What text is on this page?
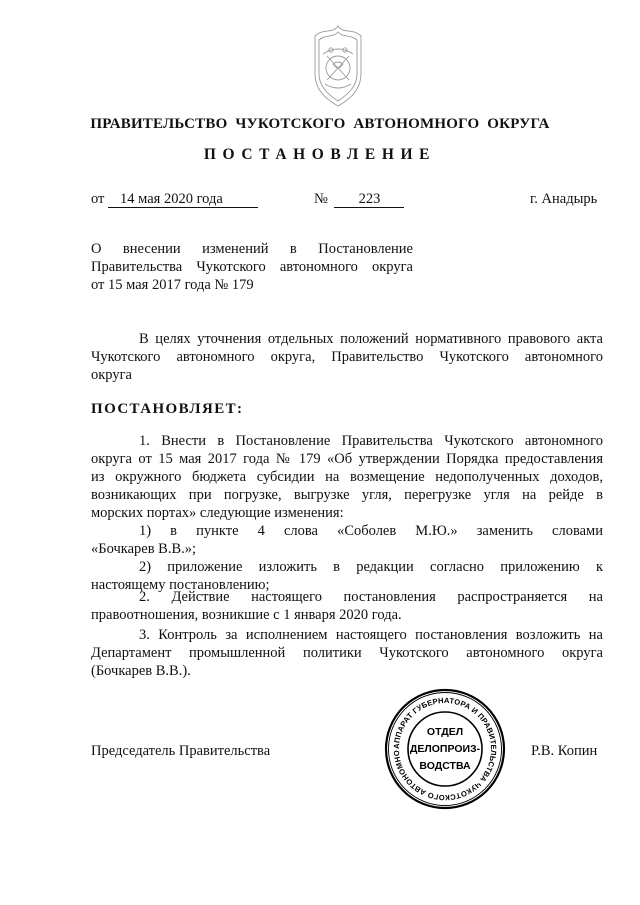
ПРАВИТЕЛЬСТВО ЧУКОТСКОГО АВТОНОМНОГО ОКРУГА
ПОСТАНОВЛЕНИЕ
от 14 мая 2020 года	№ 223	г. Анадырь
О внесении изменений в Постановление
Правительства Чукотского автономного округа
от 15 мая 2017 года № 179
В целях уточнения отдельных положений нормативного правового акта
Чукотского автономного округа, Правительство Чукотского автономного
округа
ПОСТАНОВЛЯЕТ:
1. Внести в Постановление Правительства Чукотского автономного
округа от 15 мая 2017 года № 179 «Об утверждении Порядка предоставления
из окружного бюджета субсидии на возмещение недополученных доходов,
возникающих при погрузке, выгрузке угля, перегрузке угля на рейде в
морских портах» следующие изменения:
1) в пункте 4 слова «Соболев М.Ю.» заменить словами
«Бочкарев В.В.»;
2) приложение изложить в редакции согласно приложению к
настоящему постановлению;
2. Действие настоящего постановления распространяется на
правоотношения, возникшие с 1 января 2020 года.
3. Контроль за исполнением настоящего постановления возложить на
Департамент промышленной политики Чукотского автономного округа
(Бочкарев В.В.).
Председатель Правительства	Р.В. Копин
АППАРАТ ГУБЕРНАТОРА И ПРАВИТЕЛЬСТВА ЧУКОТСКОГО АВТОНОМНО
ОТДЕЛ
ДЕЛОПРОИЗ-
ВОДСТВА
